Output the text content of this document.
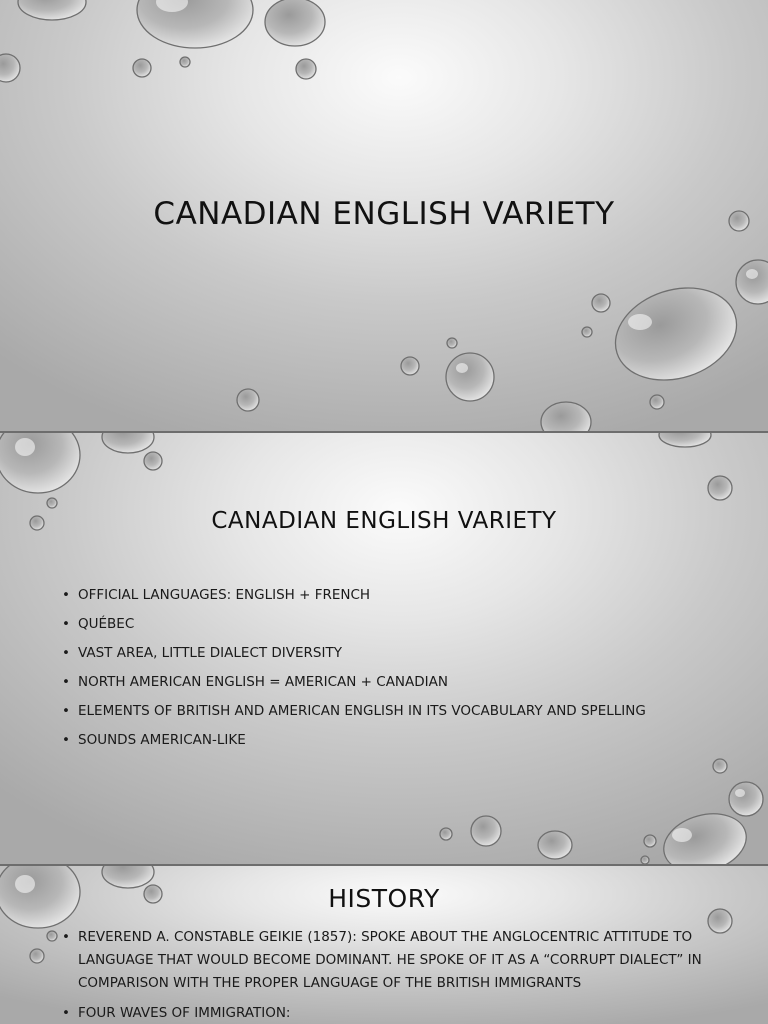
CANADIAN ENGLISH VARIETY
CANADIAN ENGLISH VARIETY
• OFFICIAL LANGUAGES: ENGLISH + FRENCH
• QUÉBEC
• VAST AREA, LITTLE DIALECT DIVERSITY
• NORTH AMERICAN ENGLISH = AMERICAN + CANADIAN
• ELEMENTS OF BRITISH AND AMERICAN ENGLISH IN ITS VOCABULARY AND SPELLING
• SOUNDS AMERICAN-LIKE
HISTORY
• REVEREND A. CONSTABLE GEIKIE (1857): SPOKE ABOUT THE ANGLOCENTRIC ATTITUDE TO LANGUAGE THAT WOULD BECOME DOMINANT. HE SPOKE OF IT AS A “CORRUPT DIALECT” IN COMPARISON WITH THE PROPER LANGUAGE OF THE BRITISH IMMIGRANTS
• FOUR WAVES OF IMMIGRATION:
